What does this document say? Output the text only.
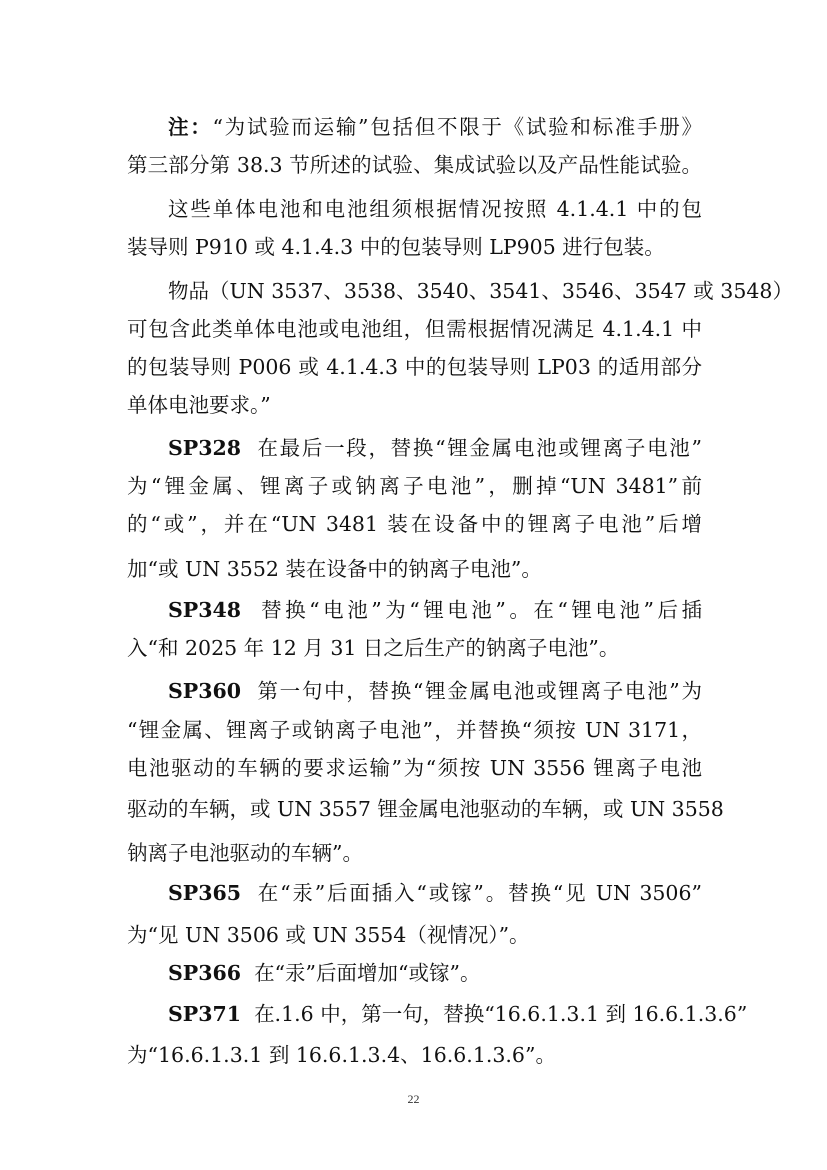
注：“为试验而运输”包括但不限于《试验和标准手册》
第三部分第 38.3 节所述的试验、集成试验以及产品性能试验。
这些单体电池和电池组须根据情况按照 4.1.4.1 中的包
装导则 P910 或 4.1.4.3 中的包装导则 LP905 进行包装。
物品（UN 3537、3538、3540、3541、3546、3547 或 3548）
可包含此类单体电池或电池组，但需根据情况满足 4.1.4.1 中
的包装导则 P006 或 4.1.4.3 中的包装导则 LP03 的适用部分
单体电池要求。”
SP328 在最后一段，替换“锂金属电池或锂离子电池”
为“锂金属、锂离子或钠离子电池”，删掉“UN 3481”前
的“或”，并在“UN 3481 装在设备中的锂离子电池”后增
加“或 UN 3552 装在设备中的钠离子电池”。
SP348 替换“电池”为“锂电池”。在“锂电池”后插
入“和 2025 年 12 月 31 日之后生产的钠离子电池”。
SP360 第一句中，替换“锂金属电池或锂离子电池”为
“锂金属、锂离子或钠离子电池”，并替换“须按 UN 3171，
电池驱动的车辆的要求运输”为“须按 UN 3556 锂离子电池
驱动的车辆，或 UN 3557 锂金属电池驱动的车辆，或 UN 3558
钠离子电池驱动的车辆”。
SP365 在“汞”后面插入“或镓”。替换“见 UN 3506”
为“见 UN 3506 或 UN 3554（视情况）”。
SP366 在“汞”后面增加“或镓”。
SP371 在.1.6 中，第一句，替换“16.6.1.3.1 到 16.6.1.3.6”
为“16.6.1.3.1 到 16.6.1.3.4、16.6.1.3.6”。
22
